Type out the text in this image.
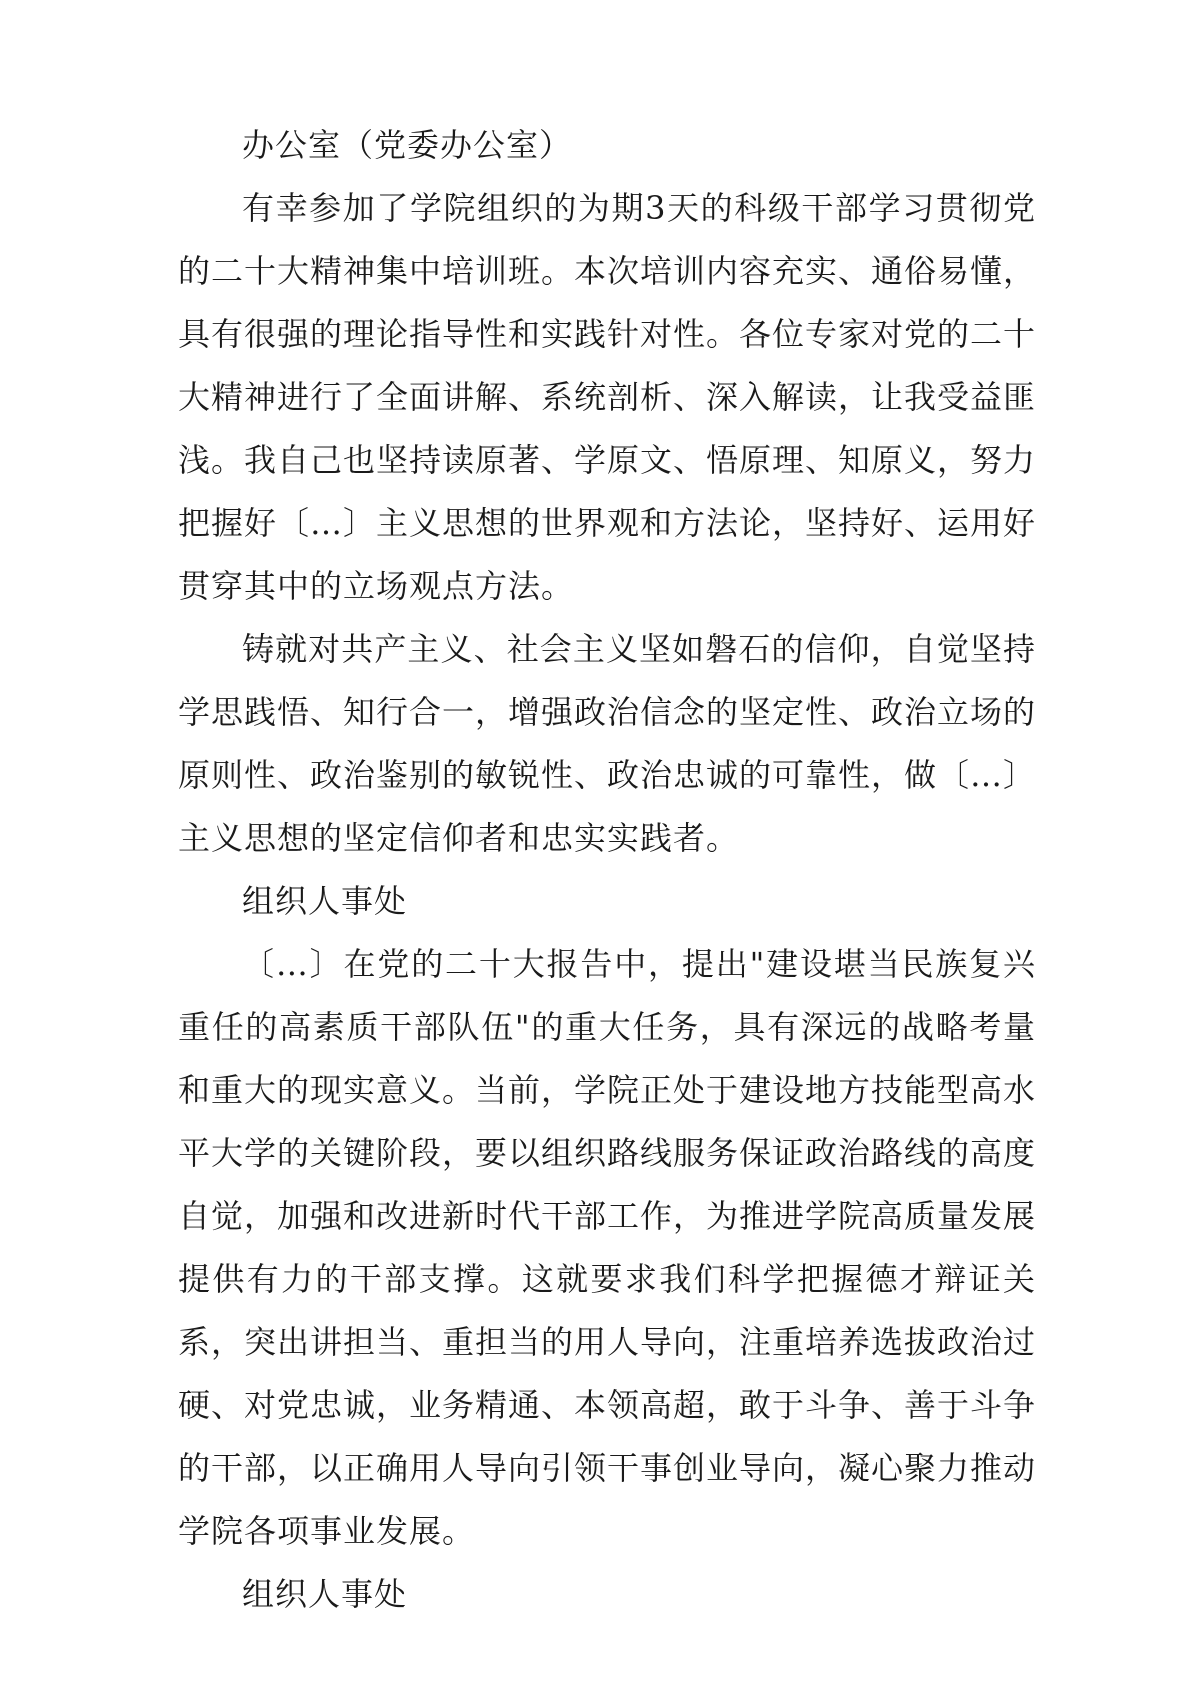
办公室（党委办公室）

有幸参加了学院组织的为期3天的科级干部学习贯彻党的二十大精神集中培训班。本次培训内容充实、通俗易懂，具有很强的理论指导性和实践针对性。各位专家对党的二十大精神进行了全面讲解、系统剖析、深入解读，让我受益匪浅。我自己也坚持读原著、学原文、悟原理、知原义，努力把握好〔…〕主义思想的世界观和方法论，坚持好、运用好贯穿其中的立场观点方法。

铸就对共产主义、社会主义坚如磐石的信仰，自觉坚持学思践悟、知行合一，增强政治信念的坚定性、政治立场的原则性、政治鉴别的敏锐性、政治忠诚的可靠性，做〔…〕主义思想的坚定信仰者和忠实实践者。

组织人事处

〔…〕在党的二十大报告中，提出"建设堪当民族复兴重任的高素质干部队伍"的重大任务，具有深远的战略考量和重大的现实意义。当前，学院正处于建设地方技能型高水平大学的关键阶段，要以组织路线服务保证政治路线的高度自觉，加强和改进新时代干部工作，为推进学院高质量发展提供有力的干部支撑。这就要求我们科学把握德才辩证关系，突出讲担当、重担当的用人导向，注重培养选拔政治过硬、对党忠诚，业务精通、本领高超，敢于斗争、善于斗争的干部，以正确用人导向引领干事创业导向，凝心聚力推动学院各项事业发展。

组织人事处
